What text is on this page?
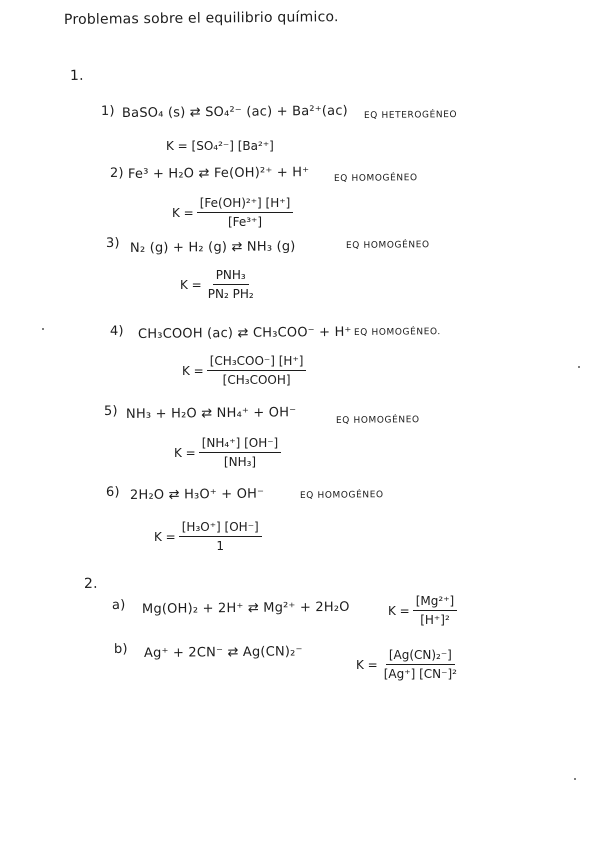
Problemas sobre el equilibrio químico.
1.
1) BaSO₄ (s) ⇄ SO₄²⁻ (ac) + Ba²⁺(ac) EQ HETEROGÉNEO
K = [SO₄²⁻] [Ba²⁺]
2) Fe³ + H₂O ⇄ Fe(OH)²⁺ + H⁺	EQ HOMOGÉNEO
$K = \frac{\text{[Fe(OH)²⁺] [H⁺]}}{\text{[Fe³⁺]}}$
3) N₂ (g) + H₂ (g) ⇄ NH₃ (g)	EQ HOMOGÉNEO
K =
PNH₃
PN₂ PH₂
4) CH₃COOH (ac) ⇄ CH₃COO⁻ + H⁺ EQ HOMOGÉNEO.
K =
[CH₃COO⁻] [H⁺]
[CH₃COOH]
5) NH₃ + H₂O ⇄ NH₄⁺ + OH⁻	EQ HOMOGÉNEO
$K = \frac{\text{[NH₄⁺] [OH⁻]}}{\text{[NH₃]}}$
6) 2H₂O ⇄ H₃O⁺ + OH⁻	EQ HOMOGÉNEO
$K = \frac{\text{[H₃O⁺] [OH⁻]}}{1}$
2.
a) Mg(OH)₂ + 2H⁺ ⇄ Mg²⁺ + 2H₂O	$K = \frac{\text{[Mg²⁺]}}{\text{[H⁺]²}}$
b) Ag⁺ + 2CN⁻ ⇄ Ag(CN)₂⁻
$K = \frac{\text{[Ag(CN)₂⁻]}}{\text{[Ag⁺] [CN⁻]²}}$
